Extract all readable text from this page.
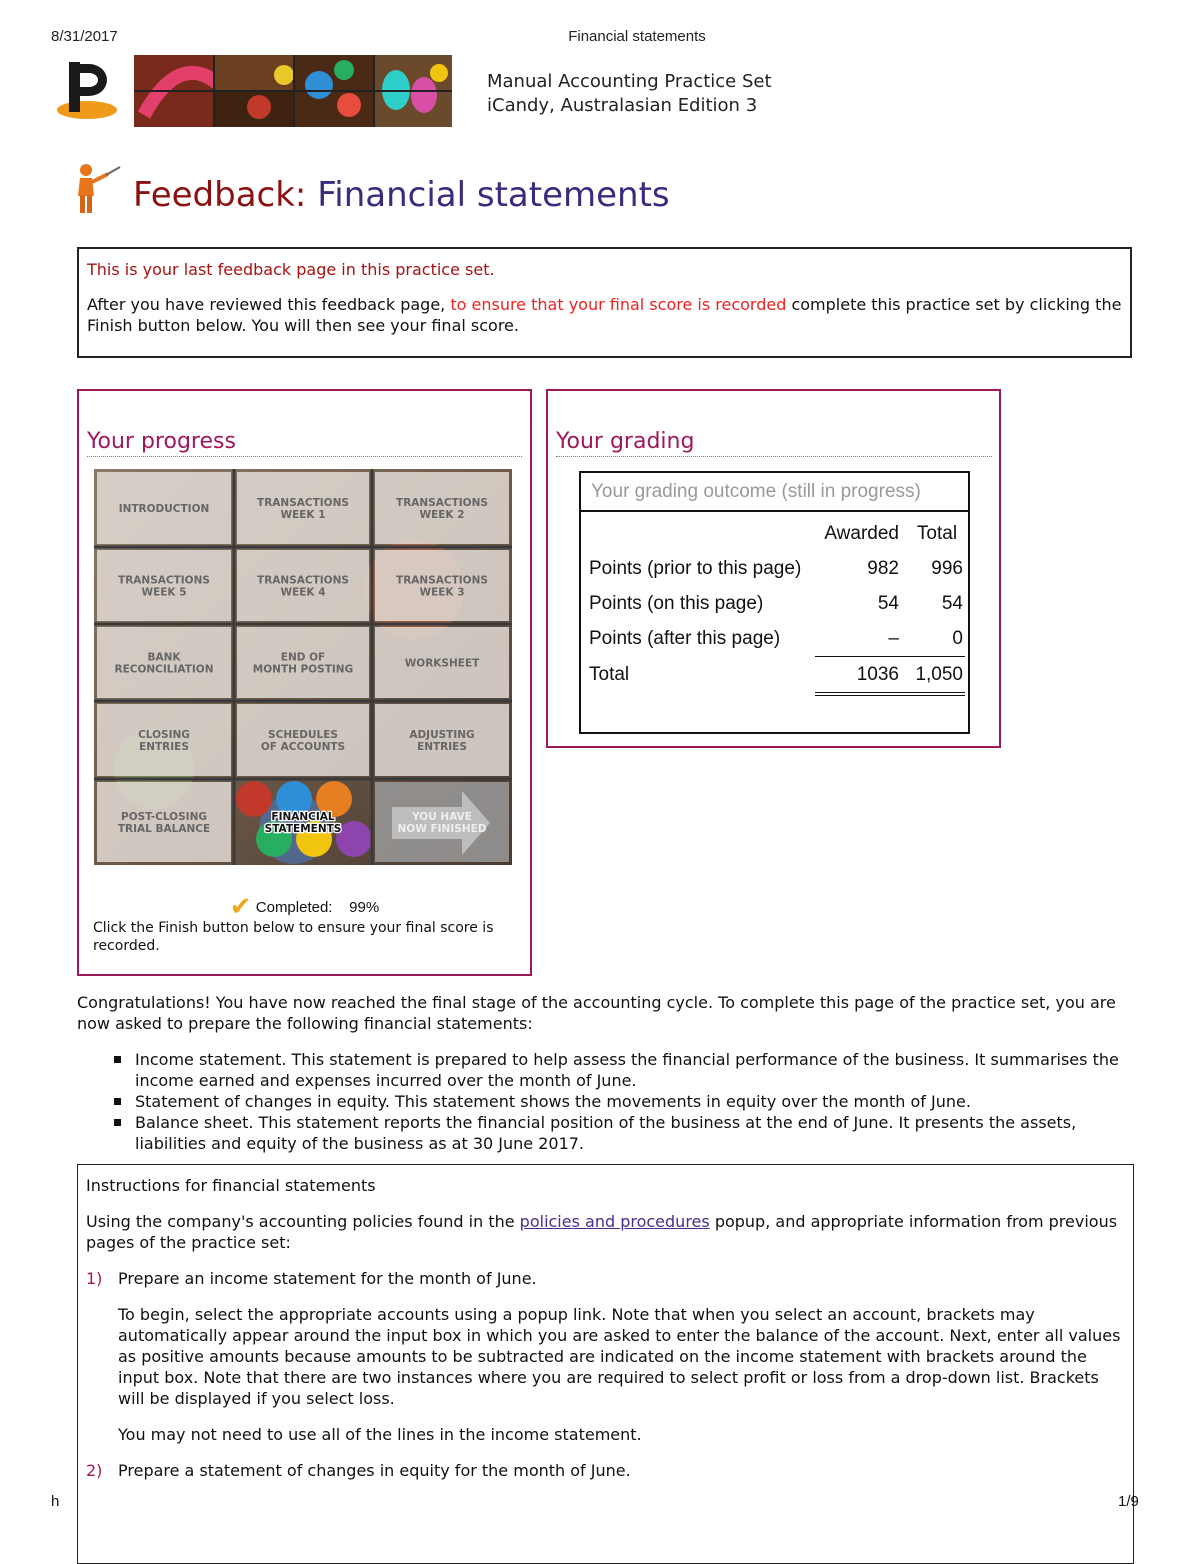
8/31/2017	Financial statements
Manual Accounting Practice Set
iCandy, Australasian Edition 3
Feedback: Financial statements

This is your last feedback page in this practice set.

After you have reviewed this feedback page, to ensure that your final score is recorded complete this practice set by clicking the Finish button below. You will then see your final score.

Your progress
✔ Completed: 99%
Click the Finish button below to ensure your final score is recorded.
INTRODUCTION	TRANSACTIONS
WEEK 1
TRANSACTIONS
WEEK 2
TRANSACTIONS
WEEK 5
TRANSACTIONS
WEEK 4
TRANSACTIONS
WEEK 3
BANK
RECONCILIATION
END OF
MONTH POSTING	WORKSHEET
CLOSING
ENTRIES
SCHEDULES
OF ACCOUNTS
ADJUSTING
ENTRIES
POST-CLOSING
TRIAL BALANCE
FINANCIAL
STATEMENTS
YOU HAVE
NOW FINISHED
Your grading
Your grading outcome (still in progress)
	Awarded	Total
Points (prior to this page)	982	996
Points (on this page)	54	54
Points (after this page)	–	0
Total	1036	1,050

Congratulations! You have now reached the final stage of the accounting cycle. To complete this page of the practice set, you are now asked to prepare the following financial statements:

Income statement. This statement is prepared to help assess the financial performance of the business. It summarises the income earned and expenses incurred over the month of June.
Statement of changes in equity. This statement shows the movements in equity over the month of June.
Balance sheet. This statement reports the financial position of the business at the end of June. It presents the assets, liabilities and equity of the business as at 30 June 2017.

Instructions for financial statements

Using the company's accounting policies found in the policies and procedures popup, and appropriate information from previous pages of the practice set:

1) Prepare an income statement for the month of June.

To begin, select the appropriate accounts using a popup link. Note that when you select an account, brackets may automatically appear around the input box in which you are asked to enter the balance of the account. Next, enter all values as positive amounts because amounts to be subtracted are indicated on the income statement with brackets around the input box. Note that there are two instances where you are required to select profit or loss from a drop-down list. Brackets will be displayed if you select loss.

You may not need to use all of the lines in the income statement.

2) Prepare a statement of changes in equity for the month of June.

h	1/9
